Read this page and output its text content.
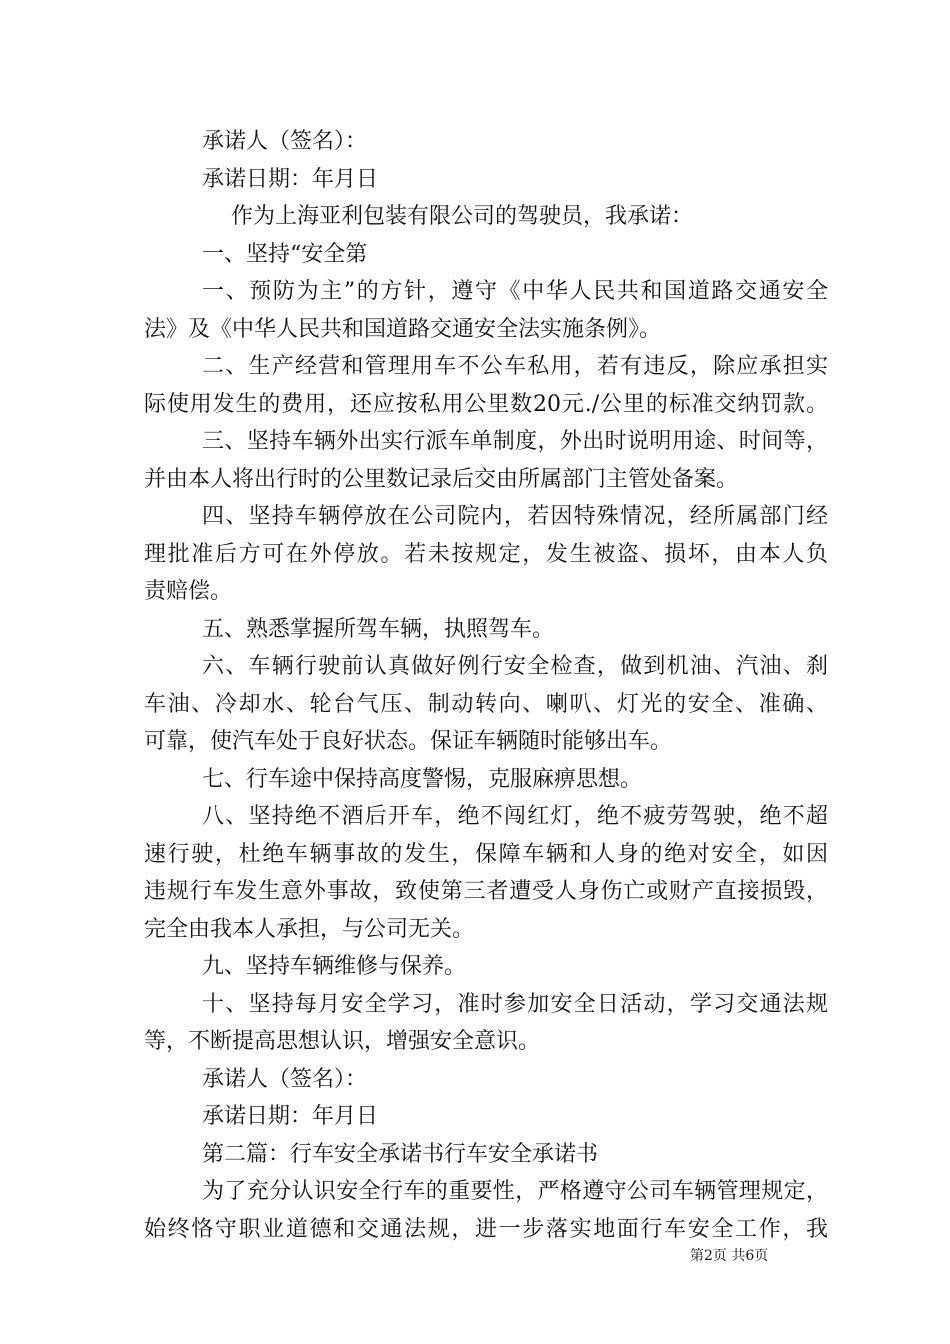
承诺人（签名）：
承诺日期：年月日
作为上海亚利包装有限公司的驾驶员，我承诺：
一、坚持“安全第
一、预防为主”的方针，遵守《中华人民共和国道路交通安全
法》及《中华人民共和国道路交通安全法实施条例》。
二、生产经营和管理用车不公车私用，若有违反，除应承担实
际使用发生的费用，还应按私用公里数20元./公里的标准交纳罚款。
三、坚持车辆外出实行派车单制度，外出时说明用途、时间等，
并由本人将出行时的公里数记录后交由所属部门主管处备案。
四、坚持车辆停放在公司院内，若因特殊情况，经所属部门经
理批准后方可在外停放。若未按规定，发生被盗、损坏，由本人负
责赔偿。
五、熟悉掌握所驾车辆，执照驾车。
六、车辆行驶前认真做好例行安全检查，做到机油、汽油、刹
车油、冷却水、轮台气压、制动转向、喇叭、灯光的安全、准确、
可靠，使汽车处于良好状态。保证车辆随时能够出车。
七、行车途中保持高度警惕，克服麻痹思想。
八、坚持绝不酒后开车，绝不闯红灯，绝不疲劳驾驶，绝不超
速行驶，杜绝车辆事故的发生，保障车辆和人身的绝对安全，如因
违规行车发生意外事故，致使第三者遭受人身伤亡或财产直接损毁，
完全由我本人承担，与公司无关。
九、坚持车辆维修与保养。
十、坚持每月安全学习，准时参加安全日活动，学习交通法规
等，不断提高思想认识，增强安全意识。
承诺人（签名）：
承诺日期：年月日
第二篇：行车安全承诺书行车安全承诺书
为了充分认识安全行车的重要性，严格遵守公司车辆管理规定，
始终恪守职业道德和交通法规，进一步落实地面行车安全工作，我
第2页 共6页
